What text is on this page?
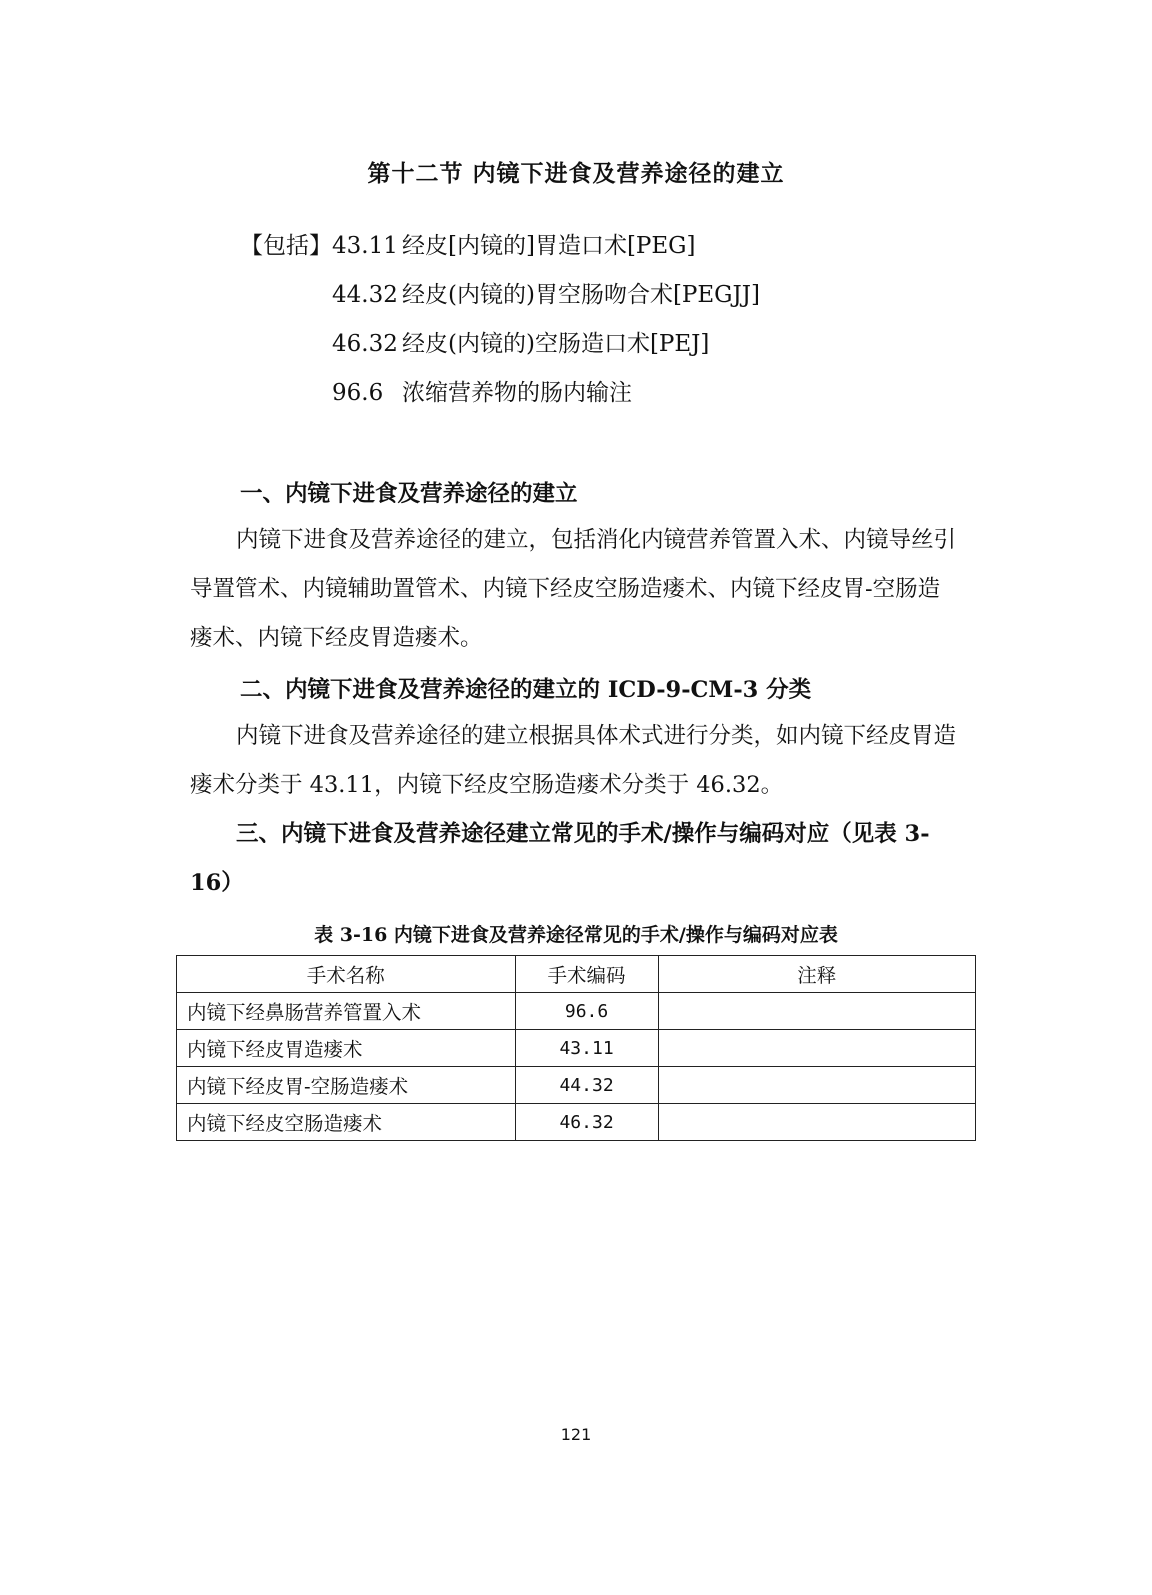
第十二节 内镜下进食及营养途径的建立
【包括】 43.11 经皮[内镜的]胃造口术[PEG]
44.32 经皮(内镜的)胃空肠吻合术[PEGJJ]
46.32 经皮(内镜的)空肠造口术[PEJ]
96.6 浓缩营养物的肠内输注
一、内镜下进食及营养途径的建立

内镜下进食及营养途径的建立，包括消化内镜营养管置入术、内镜导丝引导置管术、内镜辅助置管术、内镜下经皮空肠造瘘术、内镜下经皮胃-空肠造瘘术、内镜下经皮胃造瘘术。

二、内镜下进食及营养途径的建立的 ICD-9-CM-3 分类

内镜下进食及营养途径的建立根据具体术式进行分类，如内镜下经皮胃造瘘术分类于 43.11，内镜下经皮空肠造瘘术分类于 46.32。

三、内镜下进食及营养途径建立常见的手术/操作与编码对应（见表 3-16）

表 3-16 内镜下进食及营养途径常见的手术/操作与编码对应表
手术名称	手术编码	注释
内镜下经鼻肠营养管置入术	96.6	
内镜下经皮胃造瘘术	43.11	
内镜下经皮胃-空肠造瘘术	44.32	
内镜下经皮空肠造瘘术	46.32	
121
